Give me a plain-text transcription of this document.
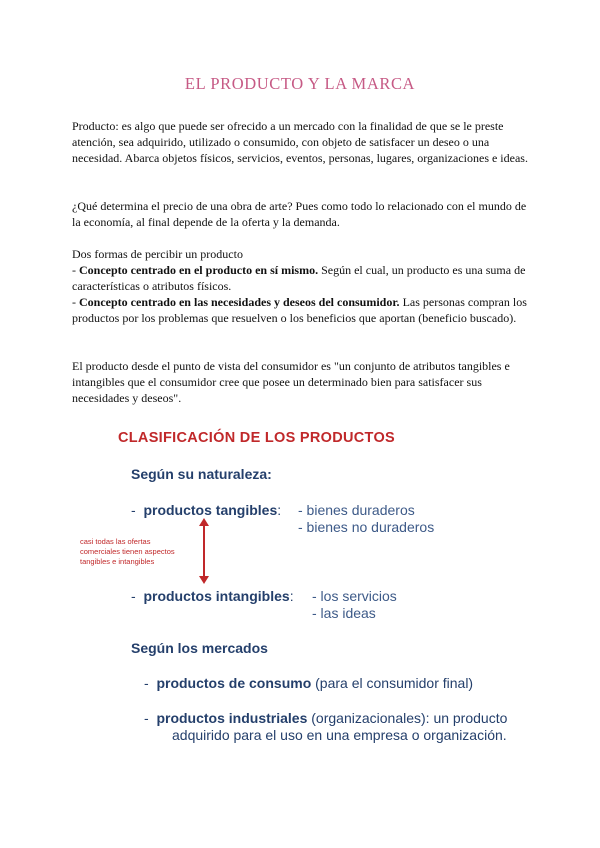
EL PRODUCTO Y LA MARCA

Producto: es algo que puede ser ofrecido a un mercado con la finalidad de que se le preste atención, sea adquirido, utilizado o consumido, con objeto de satisfacer un deseo o una necesidad. Abarca objetos físicos, servicios, eventos, personas, lugares, organizaciones e ideas.

¿Qué determina el precio de una obra de arte? Pues como todo lo relacionado con el mundo de la economía, al final depende de la oferta y la demanda.

Dos formas de percibir un producto

- Concepto centrado en el producto en sí mismo. Según el cual, un producto es una suma de características o atributos físicos.

- Concepto centrado en las necesidades y deseos del consumidor. Las personas compran los productos por los problemas que resuelven o los beneficios que aportan (beneficio buscado).

El producto desde el punto de vista del consumidor es "un conjunto de atributos tangibles e intangibles que el consumidor cree que posee un determinado bien para satisfacer sus necesidades y deseos".

CLASIFICACIÓN DE LOS PRODUCTOS
Según su naturaleza:
- productos tangibles: - bienes duraderos
- bienes no duraderos
casi todas las ofertas
comerciales tienen aspectos
tangibles e intangibles
- productos intangibles: - los servicios
- las ideas
Según los mercados
- productos de consumo (para el consumidor final)
- productos industriales (organizacionales): un producto
adquirido para el uso en una empresa o organización.
